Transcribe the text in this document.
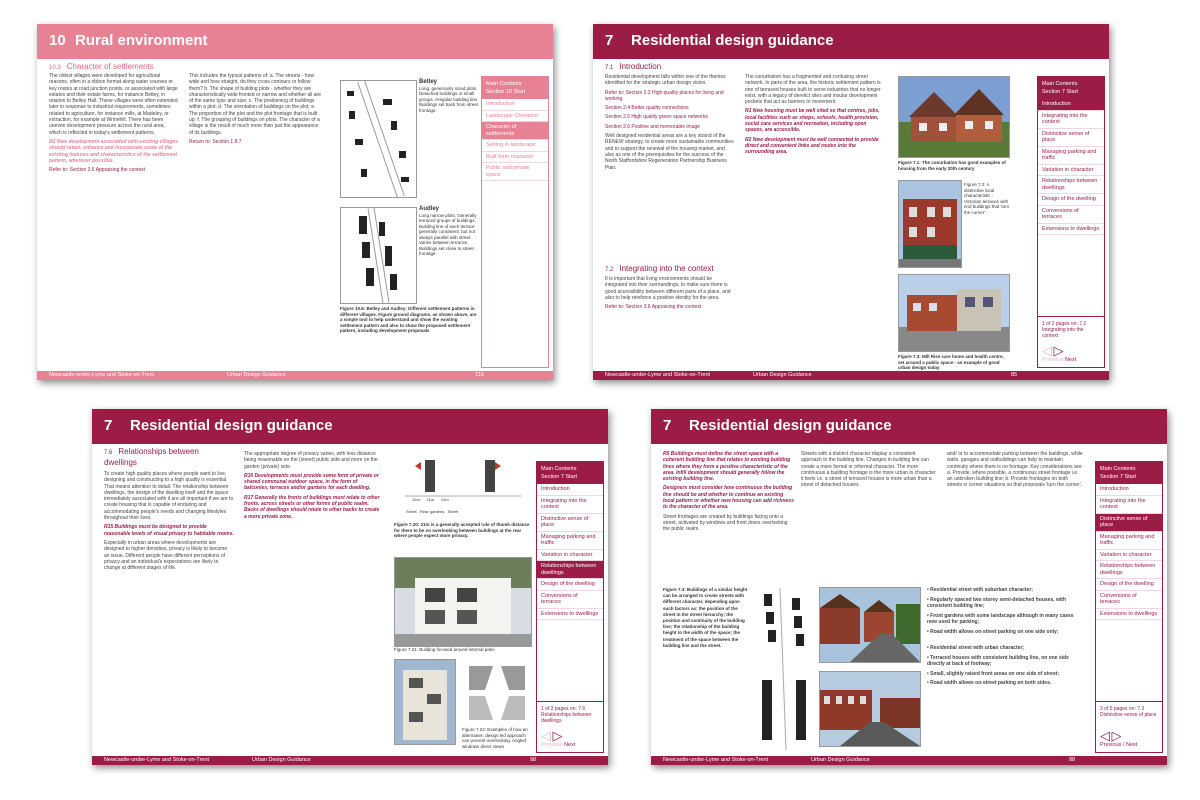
10 Rural environment
10.3 Character of settlements

The oldest villages were developed for agricultural reasons, often in a ribbon format along water courses or key routes at road junction points, or associated with large estates and their estate farms, for instance Betley, in relation to Betley Hall. These villages were often extended later in response to industrial requirements, sometimes related to agriculture, for instance mills, at Madeley, or extraction, for example at Wrinehill. There has been uneven development pressure across the rural area, which is reflected in today's settlement patterns.

R2 New development associated with existing villages should retain, enhance and incorporate some of the existing features and characteristics of the settlement pattern, wherever possible.

Refer to: Section 3.6 Appraising the context

This includes the typical patterns of: a. The streets - how wide and how straight, do they cross contours or follow them? b. The shape of building plots - whether they are characteristically wide fronted or narrow and whether all are of the same type and size; c. The positioning of buildings within a plot; d. The orientation of buildings on the plot; e. The proportion of the plot and the plot frontage that is built up; f. The grouping of buildings on plots. The character of a village is the result of much more than just the appearance of its buildings.

Return to: Section 1.8.7

Betley
Long, generously sized plots. Detached buildings or small groups. Irregular building line. Buildings set back from street frontage.
Audley
Long narrow plots. Generally terraced groups of buildings. Building line of each terrace generally consistent, but not always parallel with street. Varies between terraces. Buildings set close to street frontage.
Figure 10.6: Betley and Audley: Different settlement patterns in different villages. Figure ground diagrams, as shown above, are a simple tool to help understand and show the existing settlement pattern and also to show the proposed settlement pattern, including development proposals
Main Contents
Section 10 Start
Introduction
Landscape Character
Character of settlements
Setting in landscape
Built form character
Public and private space
Newcastle-under-Lyme and Stoke-on-Trent	Urban Design Guidance	110
7 Residential design guidance
7.1 Introduction

Residential development falls within one of the themes identified for the strategic urban design vision.

Refer to: Section 2.3 High quality places for living and working

Section 2.4 Better quality connections

Section 2.5 High quality green space networks

Section 2.6 Positive and memorable image

Well designed residential areas are a key strand of the RENEW strategy, to create more sustainable communities and to support the renewal of the housing market, and also as one of the prerequisites for the success of the North Staffordshire Regeneration Partnership Business Plan.

7.2 Integrating into the context

It is important that living environments should be integrated into their surroundings, to make sure there is good accessibility between different parts of a place, and also to help reinforce a positive identity for the area.

Refer to: Section 3.6 Appraising the context

The conurbation has a fragmented and confusing street network. In parts of the area, the historic settlement pattern is one of terraced houses built to serve industries that no longer exist, with a legacy of derelict sites and insular development pockets that act as barriers to movement.

R1 New housing must be well sited so that centres, jobs, local facilities such as shops, schools, health provision, social care services and recreation, including open spaces, are accessible.

R2 New development must be well connected to provide direct and convenient links and routes into the surrounding area.

Figure 7.1: The conurbation has good examples of housing from the early 20th century
Figure 7.2: A distinctive local characteristic - Victorian terraces with end buildings that 'turn the corner'
Figure 7.3: Mill Rise care home and health centre, set around a public space - an example of good urban design today
Main Contents
Section 7 Start
Introduction
Integrating into the context
Distinctive sense of place
Managing parking and traffic
Variation in character
Relationships between dwellings
Design of the dwelling
Conversions of terraces
Extensions to dwellings
1 of 2 pages on: 7.2 Integrating into the context
◁ ▷
Previous Next
Newcastle-under-Lyme and Stoke-on-Trent	Urban Design Guidance	85
7 Residential design guidance
7.6 Relationships between dwellings

To create high quality places where people want to live, designing and constructing to a high quality is essential. That means attention to detail. The relationship between dwellings, the design of the dwelling itself and the space immediately associated with it are all important if we are to create housing that is capable of enduring and accommodating people's needs and changing lifestyles throughout their lives.

R15 Buildings must be designed to provide reasonable levels of visual privacy to habitable rooms.

Especially in urban areas where developments are designed to higher densities, privacy is likely to become an issue. Different people have different perceptions of privacy and an individual's expectations are likely to change at different stages of life.

The appropriate degree of privacy varies, with less distance being reasonable on the (street) public side and more on the garden (private) side.

R16 Developments must provide some form of private or shared communal outdoor space, in the form of balconies, terraces and/or gardens for each dwelling.

R17 Generally the fronts of buildings must relate to other fronts, across streets or other forms of public realm. Backs of dwellings should relate to other backs to create a more private zone.

12m 21m 12m
Street Rear gardens Street
Figure 7.20: 21m is a generally accepted rule of thumb distance for there to be no overlooking between buildings at the rear where people expect more privacy.
Figure 7.21: Building focused around internal patio
Figure 7.22: Examples of how an alternative, design led approach can prevent overlooking. Angled windows direct views
Main Contents
Section 7 Start
Introduction
Integrating into the context
Distinctive sense of place
Managing parking and traffic
Variation in character
Relationships between dwellings
Design of the dwelling
Conversions of terraces
Extensions to dwellings
1 of 2 pages on: 7.6 Relationships between dwellings
◁ ▷
Previous Next
Newcastle-under-Lyme and Stoke-on-Trent	Urban Design Guidance	98
7 Residential design guidance

R5 Buildings must define the street space with a coherent building line that relates to existing building lines where they form a positive characteristic of the area. Infill development should generally follow the existing building line.

Designers must consider how continuous the building line should be and whether to continue an existing local pattern or whether new housing can add richness to the character of the area.

Street frontages are created by buildings facing onto a street, activated by windows and front doors overlooking the public realm.

Streets with a distinct character display a consistent approach to the building line. Changes in building line can create a more formal or informal character. The more continuous a building frontage is the more urban in character it feels i.e. a street of terraced houses is more urban than a street of detached houses.

and/ or to accommodate parking between the buildings, while walls, garages and outbuildings can help to maintain continuity where there is no frontage. Key considerations are: a. Provide, where possible, a continuous street frontage i.e. an unbroken building line; b. Provide frontages on both streets in corner situations so that proposals 'turn the corner'.

Figure 7.3: Buildings of a similar height can be arranged to create streets with different character, depending upon such factors as: the position of the street in the street hierarchy; the position and continuity of the building line; the relationship of the building height to the width of the space; the treatment of the space between the building line and the street.

• Residential street with suburban character;

• Regularly spaced two storey semi-detached houses, with consistent building line;

• Front gardens with some landscape although in many cases now used for parking;

• Road width allows on-street parking on one side only;

• Residential street with urban character;

• Terraced houses with consistent building line, on one side directly at back of footway;

• Small, slightly raised front areas on one side of street;

• Road width allows on-street parking on both sides.

Main Contents
Section 7 Start
Introduction
Integrating into the context
Distinctive sense of place
Managing parking and traffic
Variation in character
Relationships between dwellings
Design of the dwelling
Conversions of terraces
Extensions to dwellings
3 of 5 pages on: 7.3 Distinctive sense of place
◁ ▷
Previous / Next
Newcastle-under-Lyme and Stoke-on-Trent	Urban Design Guidance	88
